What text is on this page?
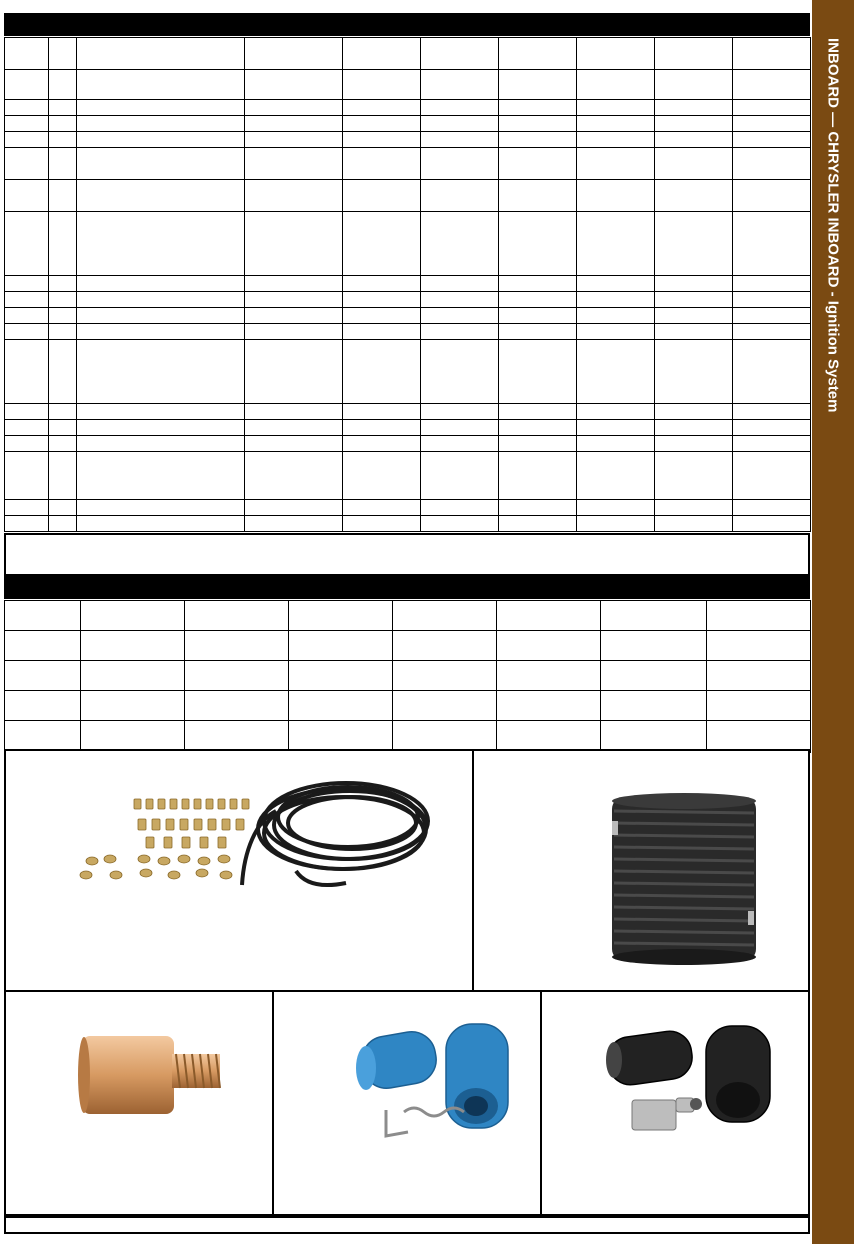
INBOARD — CHRYSLER INBOARD - Ignition System
